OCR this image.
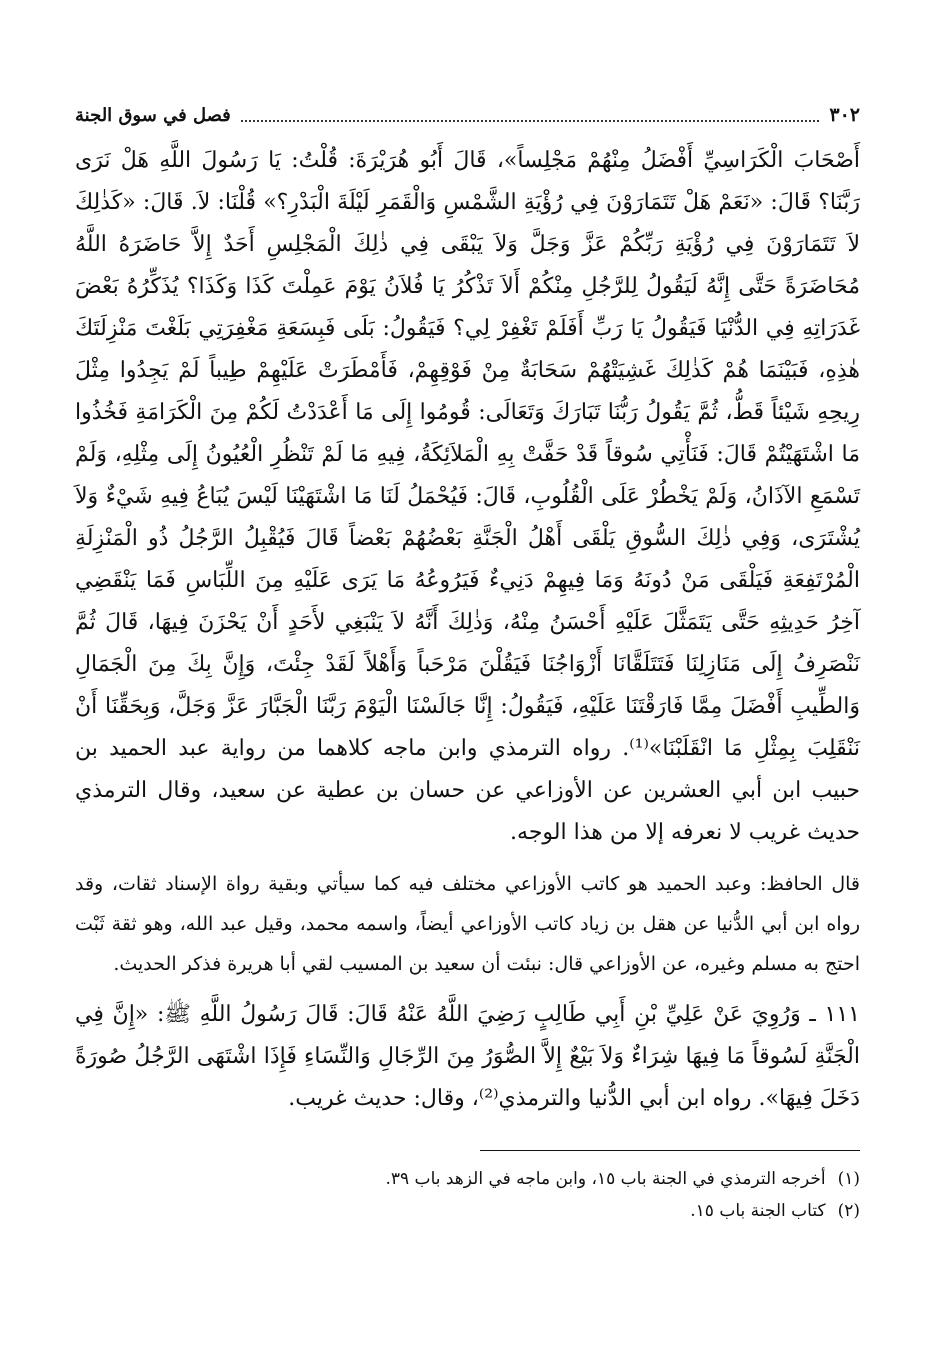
٣٠٢
فصل في سوق الجنة

أَصْحَابَ الْكَرَاسِيِّ أَفْضَلُ مِنْهُمْ مَجْلِساً»، قَالَ أَبُو هُرَيْرَةَ: قُلْتُ: يَا رَسُولَ اللَّهِ هَلْ نَرَى رَبَّنَا؟ قَالَ: «نَعَمْ هَلْ تَتَمَارَوْنَ فِي رُؤْيَةِ الشَّمْسِ وَالْقَمَرِ لَيْلَةَ الْبَدْرِ؟» قُلْنَا: لاَ. قَالَ: «كَذٰلِكَ لاَ تَتَمَارَوْنَ فِي رُؤْيَةِ رَبِّكُمْ عَزَّ وَجَلَّ وَلاَ يَبْقَى فِي ذٰلِكَ الْمَجْلِسِ أَحَدٌ إِلاَّ حَاضَرَهُ اللَّهُ مُحَاضَرَةً حَتَّى إِنَّهُ لَيَقُولُ لِلرَّجُلِ مِنْكُمْ أَلاَ تَذْكُرُ يَا فُلاَنُ يَوْمَ عَمِلْتَ كَذَا وَكَذَا؟ يُذَكِّرُهُ بَعْضَ غَدَرَاتِهِ فِي الدُّنْيَا فَيَقُولُ يَا رَبِّ أَفَلَمْ تَغْفِرْ لِي؟ فَيَقُولُ: بَلَى فَبِسَعَةِ مَغْفِرَتِي بَلَغْتَ مَنْزِلَتَكَ هٰذِهِ، فَبَيْنَمَا هُمْ كَذٰلِكَ غَشِيَتْهُمْ سَحَابَةٌ مِنْ فَوْقِهِمْ، فَأَمْطَرَتْ عَلَيْهِمْ طِيباً لَمْ يَجِدُوا مِثْلَ رِيحِهِ شَيْئاً قَطُّ، ثُمَّ يَقُولُ رَبُّنَا تَبَارَكَ وَتَعَالَى: قُومُوا إِلَى مَا أَعْدَدْتُ لَكُمْ مِنَ الْكَرَامَةِ فَخُذُوا مَا اشْتَهَيْتُمْ قَالَ: فَنَأْتِي سُوقاً قَدْ حَفَّتْ بِهِ الْمَلاَئِكَةُ، فِيهِ مَا لَمْ تَنْظُرِ الْعُيُونُ إِلَى مِثْلِهِ، وَلَمْ تَسْمَعِ الآذَانُ، وَلَمْ يَخْطُرْ عَلَى الْقُلُوبِ، قَالَ: فَيُحْمَلُ لَنَا مَا اشْتَهَيْنَا لَيْسَ يُبَاعُ فِيهِ شَيْءٌ وَلاَ يُشْتَرَى، وَفِي ذٰلِكَ السُّوقِ يَلْقَى أَهْلُ الْجَنَّةِ بَعْضُهُمْ بَعْضاً قَالَ فَيُقْبِلُ الرَّجُلُ ذُو الْمَنْزِلَةِ الْمُرْتَفِعَةِ فَيَلْقَى مَنْ دُونَهُ وَمَا فِيهِمْ دَنِيءٌ فَيَرُوعُهُ مَا يَرَى عَلَيْهِ مِنَ اللِّبَاسِ فَمَا يَنْقَضِي آخِرُ حَدِيثِهِ حَتَّى يَتَمَثَّلَ عَلَيْهِ أَحْسَنُ مِنْهُ، وَذٰلِكَ أَنَّهُ لاَ يَنْبَغِي لأَحَدٍ أَنْ يَحْزَنَ فِيهَا، قَالَ ثُمَّ نَنْصَرِفُ إِلَى مَنَازِلِنَا فَتَتَلَقَّانَا أَزْوَاجُنَا فَيَقُلْنَ مَرْحَباً وَأَهْلاً لَقَدْ جِئْتَ، وَإِنَّ بِكَ مِنَ الْجَمَالِ وَالطِّيبِ أَفْضَلَ مِمَّا فَارَقْتَنَا عَلَيْهِ، فَيَقُولُ: إِنَّا جَالَسْنَا الْيَوْمَ رَبَّنَا الْجَبَّارَ عَزَّ وَجَلَّ، وَبِحَقِّنَا أَنْ نَنْقَلِبَ بِمِثْلِ مَا انْقَلَبْنَا»⁽¹⁾. رواه الترمذي وابن ماجه كلاهما من رواية عبد الحميد بن حبيب ابن أبي العشرين عن الأوزاعي عن حسان بن عطية عن سعيد، وقال الترمذي حديث غريب لا نعرفه إلا من هذا الوجه.

قال الحافظ: وعبد الحميد هو كاتب الأوزاعي مختلف فيه كما سيأتي وبقية رواة الإسناد ثقات، وقد رواه ابن أبي الدُّنيا عن هقل بن زياد كاتب الأوزاعي أيضاً، واسمه محمد، وقيل عبد الله، وهو ثقة ثَبْت احتج به مسلم وغيره، عن الأوزاعي قال: نبئت أن سعيد بن المسيب لقي أبا هريرة فذكر الحديث.

١١١ ـ وَرُوِيَ عَنْ عَلِيِّ بْنِ أَبِي طَالِبٍ رَضِيَ اللَّهُ عَنْهُ قَالَ: قَالَ رَسُولُ اللَّهِ ﷺ: «إِنَّ فِي الْجَنَّةِ لَسُوقاً مَا فِيهَا شِرَاءٌ وَلاَ بَيْعٌ إِلاَّ الصُّوَرُ مِنَ الرِّجَالِ وَالنِّسَاءِ فَإِذَا اشْتَهَى الرَّجُلُ صُورَةً دَخَلَ فِيهَا». رواه ابن أبي الدُّنيا والترمذي⁽²⁾، وقال: حديث غريب.

(١)
أخرجه الترمذي في الجنة باب ١٥، وابن ماجه في الزهد باب ٣٩.
(٢)
كتاب الجنة باب ١٥.
